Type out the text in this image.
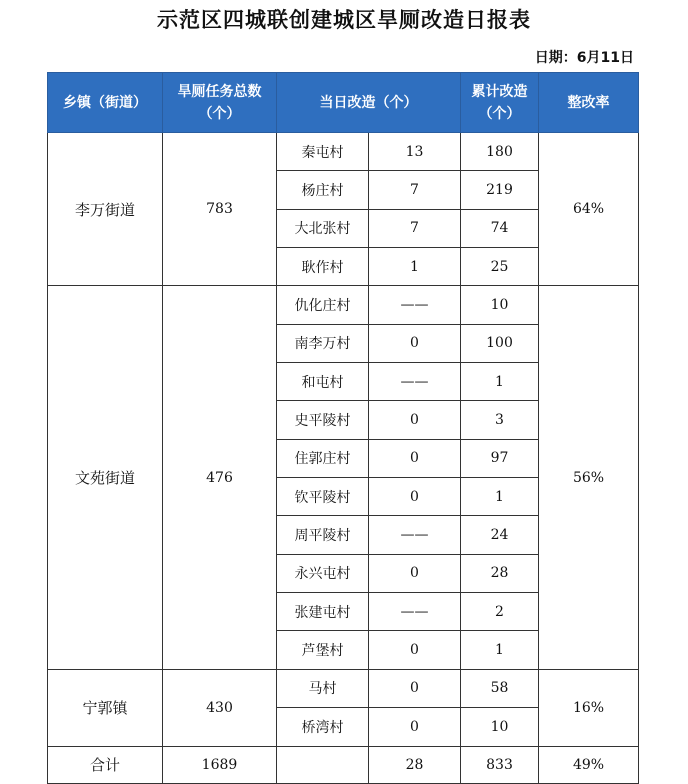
示范区四城联创建城区旱厕改造日报表
日期：6月11日
乡镇（街道）	旱厕任务总数（个）	当日改造（个）		累计改造（个）	整改率
李万街道	783	秦屯村	13	180	64%
		杨庄村	7	219	
		大北张村	7	74	
		耿作村	1	25	
文苑街道	476	仇化庄村	——	10	56%
		南李万村	0	100	
		和屯村	——	1	
		史平陵村	0	3	
		住郭庄村	0	97	
		钦平陵村	0	1	
		周平陵村	——	24	
		永兴屯村	0	28	
		张建屯村	——	2	
		芦堡村	0	1	
宁郭镇	430	马村	0	58	16%
		桥湾村	0	10	
合计	1689		28	833	49%
